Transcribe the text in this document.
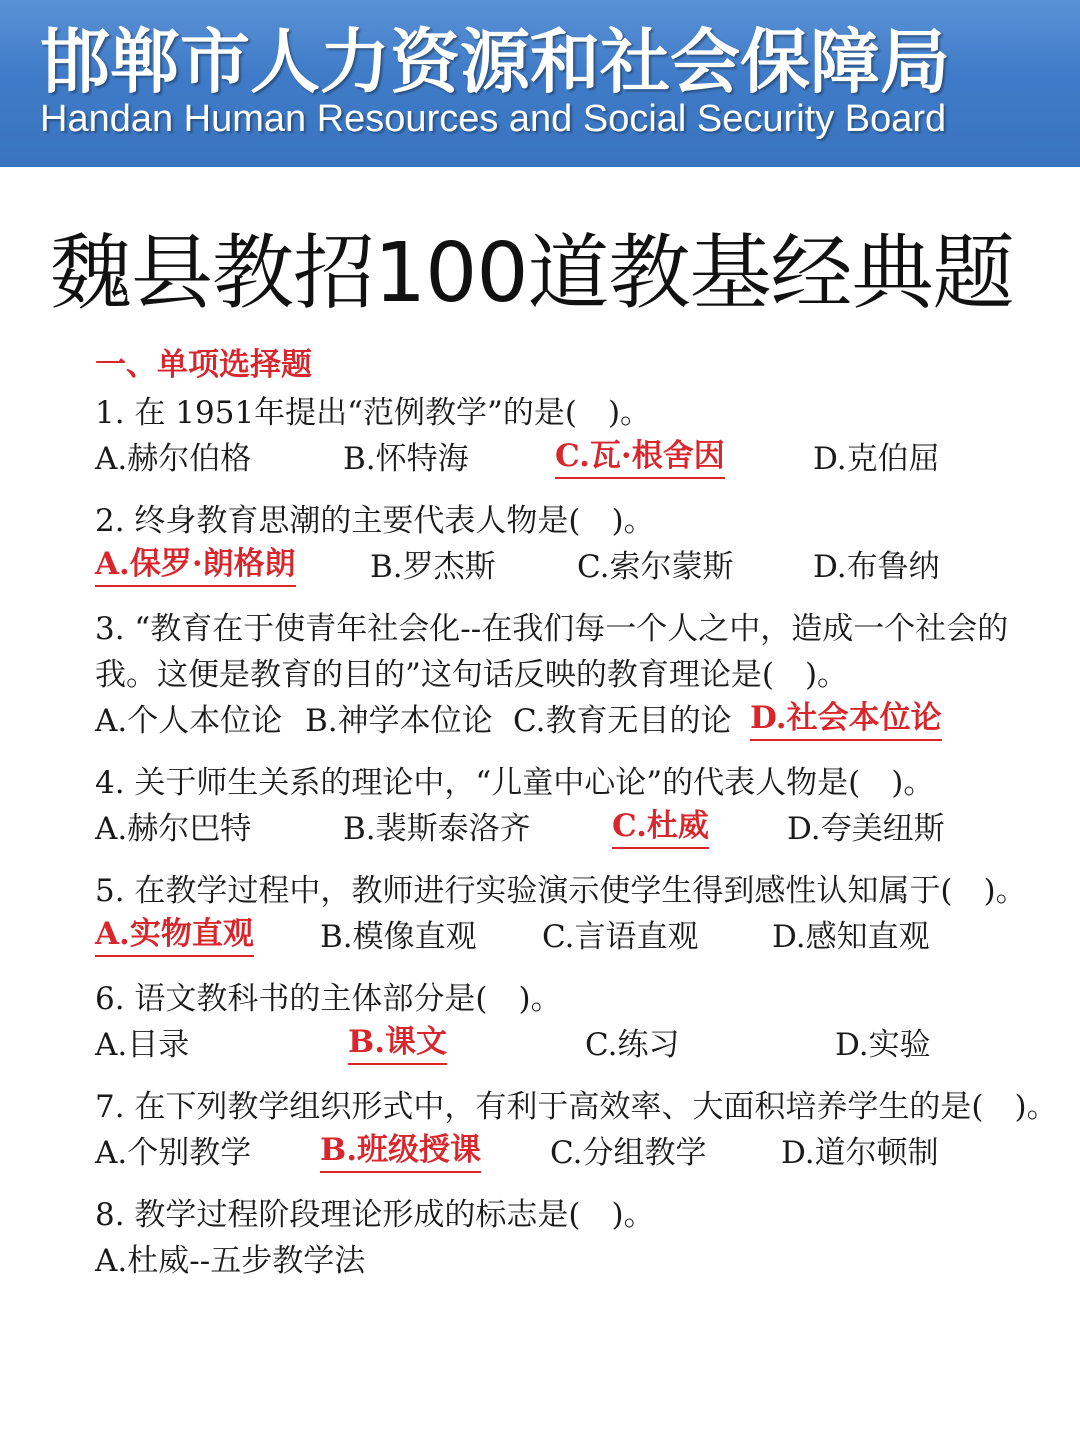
邯郸市人力资源和社会保障局
Handan Human Resources and Social Security Board
魏县教招100道教基经典题
一、单项选择题
1. 在 1951年提出“范例教学”的是(　)。
A.赫尔伯格	B.怀特海	C.瓦·根舍因	D.克伯屈
2. 终身教育思潮的主要代表人物是(　)。
A.保罗·朗格朗 B.罗杰斯	C.索尔蒙斯	D.布鲁纳
3. “教育在于使青年社会化--在我们每一个人之中，造成一个社会的我。这便是教育的目的”这句话反映的教育理论是(　)。
A.个人本位论 B.神学本位论 C.教育无目的论 D.社会本位论
4. 关于师生关系的理论中，“儿童中心论”的代表人物是(　)。
A.赫尔巴特	B.裴斯泰洛齐	C.杜威	D.夸美纽斯
5. 在教学过程中，教师进行实验演示使学生得到感性认知属于(　)。
A.实物直观 B.模像直观 C.言语直观 D.感知直观
6. 语文教科书的主体部分是(　)。
A.目录	B.课文	C.练习	D.实验
7. 在下列教学组织形式中，有利于高效率、大面积培养学生的是(　)。
A.个别教学 B.班级授课 C.分组教学 D.道尔顿制
8. 教学过程阶段理论形成的标志是(　)。
A.杜威--五步教学法
